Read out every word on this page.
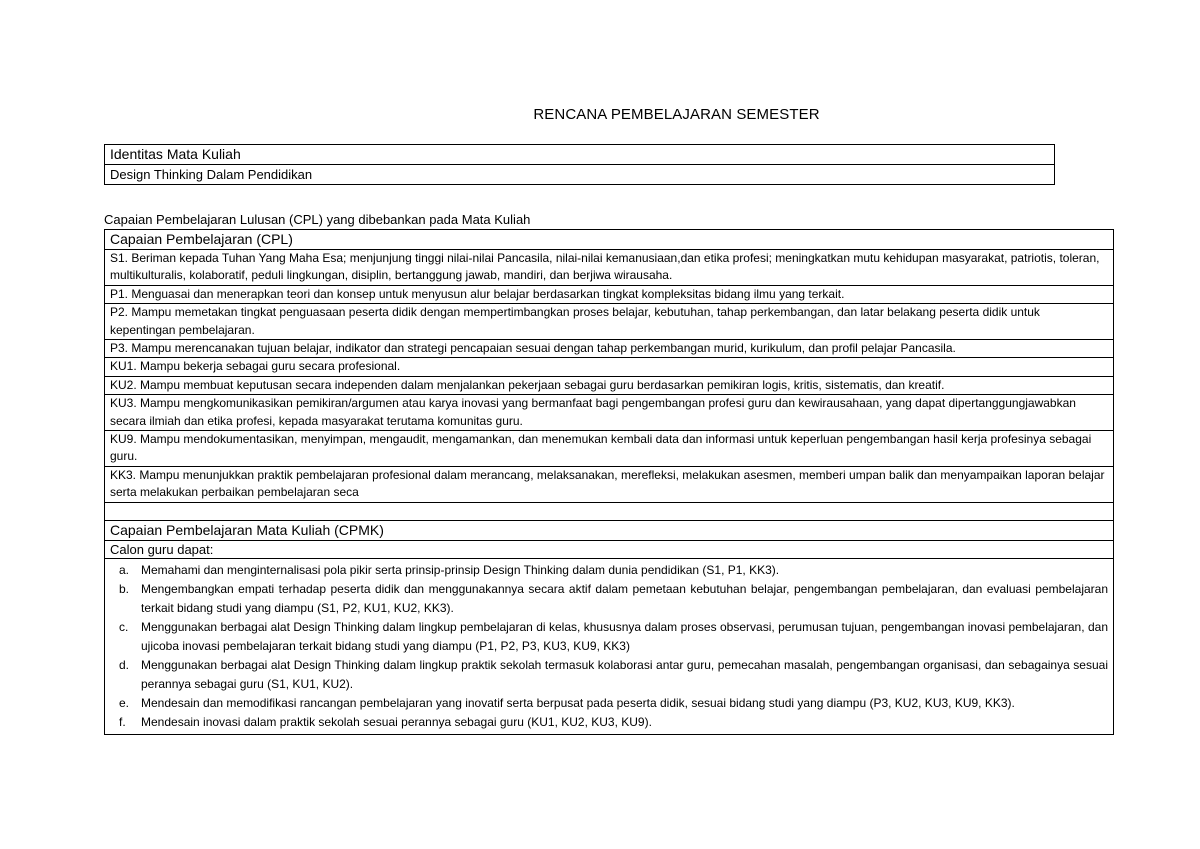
RENCANA PEMBELAJARAN SEMESTER
Identitas Mata Kuliah
Design Thinking Dalam Pendidikan
Capaian Pembelajaran Lulusan (CPL) yang dibebankan pada Mata Kuliah
Capaian Pembelajaran (CPL)
S1. Beriman kepada Tuhan Yang Maha Esa; menjunjung tinggi nilai-nilai Pancasila, nilai-nilai kemanusiaan,dan etika profesi; meningkatkan mutu kehidupan masyarakat, patriotis, toleran, multikulturalis, kolaboratif, peduli lingkungan, disiplin, bertanggung jawab, mandiri, dan berjiwa wirausaha.
P1. Menguasai dan menerapkan teori dan konsep untuk menyusun alur belajar berdasarkan tingkat kompleksitas bidang ilmu yang terkait.
P2. Mampu memetakan tingkat penguasaan peserta didik dengan mempertimbangkan proses belajar, kebutuhan, tahap perkembangan, dan latar belakang peserta didik untuk kepentingan pembelajaran.
P3. Mampu merencanakan tujuan belajar, indikator dan strategi pencapaian sesuai dengan tahap perkembangan murid, kurikulum, dan profil pelajar Pancasila.
KU1. Mampu bekerja sebagai guru secara profesional.
KU2. Mampu membuat keputusan secara independen dalam menjalankan pekerjaan sebagai guru berdasarkan pemikiran logis, kritis, sistematis, dan kreatif.
KU3. Mampu mengkomunikasikan pemikiran/argumen atau karya inovasi yang bermanfaat bagi pengembangan profesi guru dan kewirausahaan, yang dapat dipertanggungjawabkan secara ilmiah dan etika profesi, kepada masyarakat terutama komunitas guru.
KU9. Mampu mendokumentasikan, menyimpan, mengaudit, mengamankan, dan menemukan kembali data dan informasi untuk keperluan pengembangan hasil kerja profesinya sebagai guru.
KK3. Mampu menunjukkan praktik pembelajaran profesional dalam merancang, melaksanakan, merefleksi, melakukan asesmen, memberi umpan balik dan menyampaikan laporan belajar serta melakukan perbaikan pembelajaran seca

Capaian Pembelajaran Mata Kuliah (CPMK)
Calon guru dapat:

a. Memahami dan menginternalisasi pola pikir serta prinsip-prinsip Design Thinking dalam dunia pendidikan (S1, P1, KK3).
b. Mengembangkan empati terhadap peserta didik dan menggunakannya secara aktif dalam pemetaan kebutuhan belajar, pengembangan pembelajaran, dan evaluasi pembelajaran terkait bidang studi yang diampu (S1, P2, KU1, KU2, KK3).
c.	Menggunakan berbagai alat Design Thinking dalam lingkup pembelajaran di kelas, khususnya dalam proses observasi, perumusan tujuan, pengembangan inovasi pembelajaran, dan ujicoba inovasi pembelajaran terkait bidang studi yang diampu (P1, P2, P3, KU3, KU9, KK3)
d. Menggunakan berbagai alat Design Thinking dalam lingkup praktik sekolah termasuk kolaborasi antar guru, pemecahan masalah, pengembangan organisasi, dan sebagainya sesuai perannya sebagai guru (S1, KU1, KU2).
e. Mendesain dan memodifikasi rancangan pembelajaran yang inovatif serta berpusat pada peserta didik, sesuai bidang studi yang diampu (P3, KU2, KU3, KU9, KK3).
f.	Mendesain inovasi dalam praktik sekolah sesuai perannya sebagai guru (KU1, KU2, KU3, KU9).
